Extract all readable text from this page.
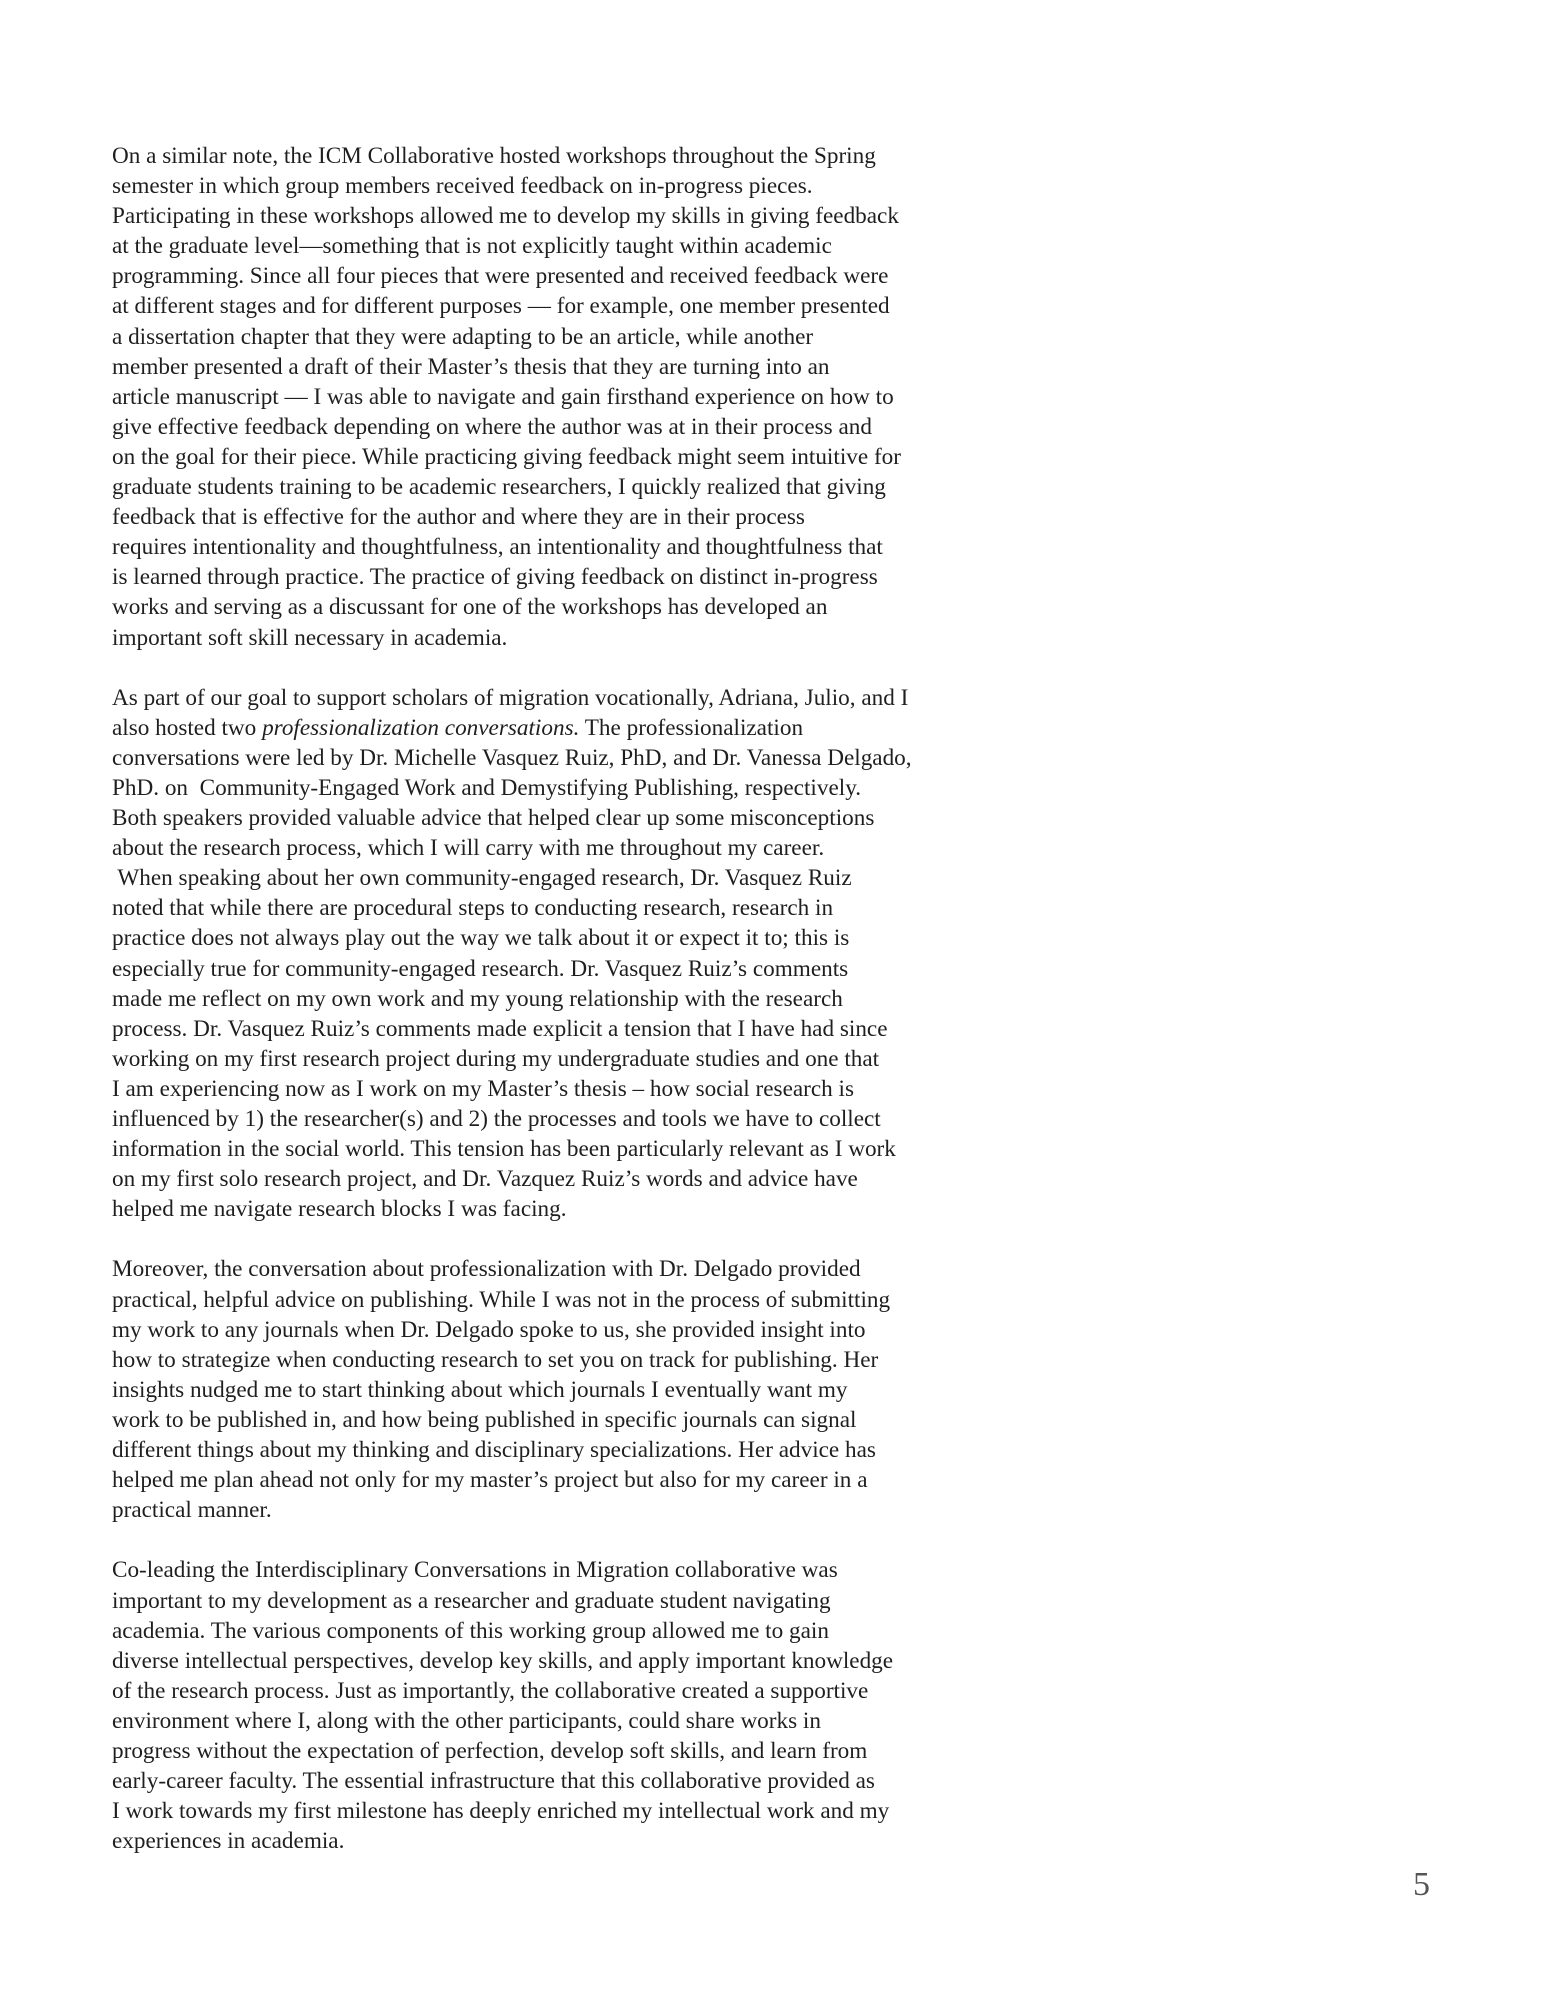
On a similar note, the ICM Collaborative hosted workshops throughout the Spring
semester in which group members received feedback on in-progress pieces.
Participating in these workshops allowed me to develop my skills in giving feedback
at the graduate level—something that is not explicitly taught within academic
programming. Since all four pieces that were presented and received feedback were
at different stages and for different purposes — for example, one member presented
a dissertation chapter that they were adapting to be an article, while another
member presented a draft of their Master’s thesis that they are turning into an
article manuscript — I was able to navigate and gain firsthand experience on how to
give effective feedback depending on where the author was at in their process and
on the goal for their piece. While practicing giving feedback might seem intuitive for
graduate students training to be academic researchers, I quickly realized that giving
feedback that is effective for the author and where they are in their process
requires intentionality and thoughtfulness, an intentionality and thoughtfulness that
is learned through practice. The practice of giving feedback on distinct in-progress
works and serving as a discussant for one of the workshops has developed an
important soft skill necessary in academia.

As part of our goal to support scholars of migration vocationally, Adriana, Julio, and I
also hosted two professionalization conversations. The professionalization
conversations were led by Dr. Michelle Vasquez Ruiz, PhD, and Dr. Vanessa Delgado,
PhD. on  Community-Engaged Work and Demystifying Publishing, respectively.
Both speakers provided valuable advice that helped clear up some misconceptions
about the research process, which I will carry with me throughout my career.
When speaking about her own community-engaged research, Dr. Vasquez Ruiz
noted that while there are procedural steps to conducting research, research in
practice does not always play out the way we talk about it or expect it to; this is
especially true for community-engaged research. Dr. Vasquez Ruiz’s comments
made me reflect on my own work and my young relationship with the research
process. Dr. Vasquez Ruiz’s comments made explicit a tension that I have had since
working on my first research project during my undergraduate studies and one that
I am experiencing now as I work on my Master’s thesis – how social research is
influenced by 1) the researcher(s) and 2) the processes and tools we have to collect
information in the social world. This tension has been particularly relevant as I work
on my first solo research project, and Dr. Vazquez Ruiz’s words and advice have
helped me navigate research blocks I was facing.

Moreover, the conversation about professionalization with Dr. Delgado provided
practical, helpful advice on publishing. While I was not in the process of submitting
my work to any journals when Dr. Delgado spoke to us, she provided insight into
how to strategize when conducting research to set you on track for publishing. Her
insights nudged me to start thinking about which journals I eventually want my
work to be published in, and how being published in specific journals can signal
different things about my thinking and disciplinary specializations. Her advice has
helped me plan ahead not only for my master’s project but also for my career in a
practical manner.

Co-leading the Interdisciplinary Conversations in Migration collaborative was
important to my development as a researcher and graduate student navigating
academia. The various components of this working group allowed me to gain
diverse intellectual perspectives, develop key skills, and apply important knowledge
of the research process. Just as importantly, the collaborative created a supportive
environment where I, along with the other participants, could share works in
progress without the expectation of perfection, develop soft skills, and learn from
early-career faculty. The essential infrastructure that this collaborative provided as
I work towards my first milestone has deeply enriched my intellectual work and my
experiences in academia.

5
